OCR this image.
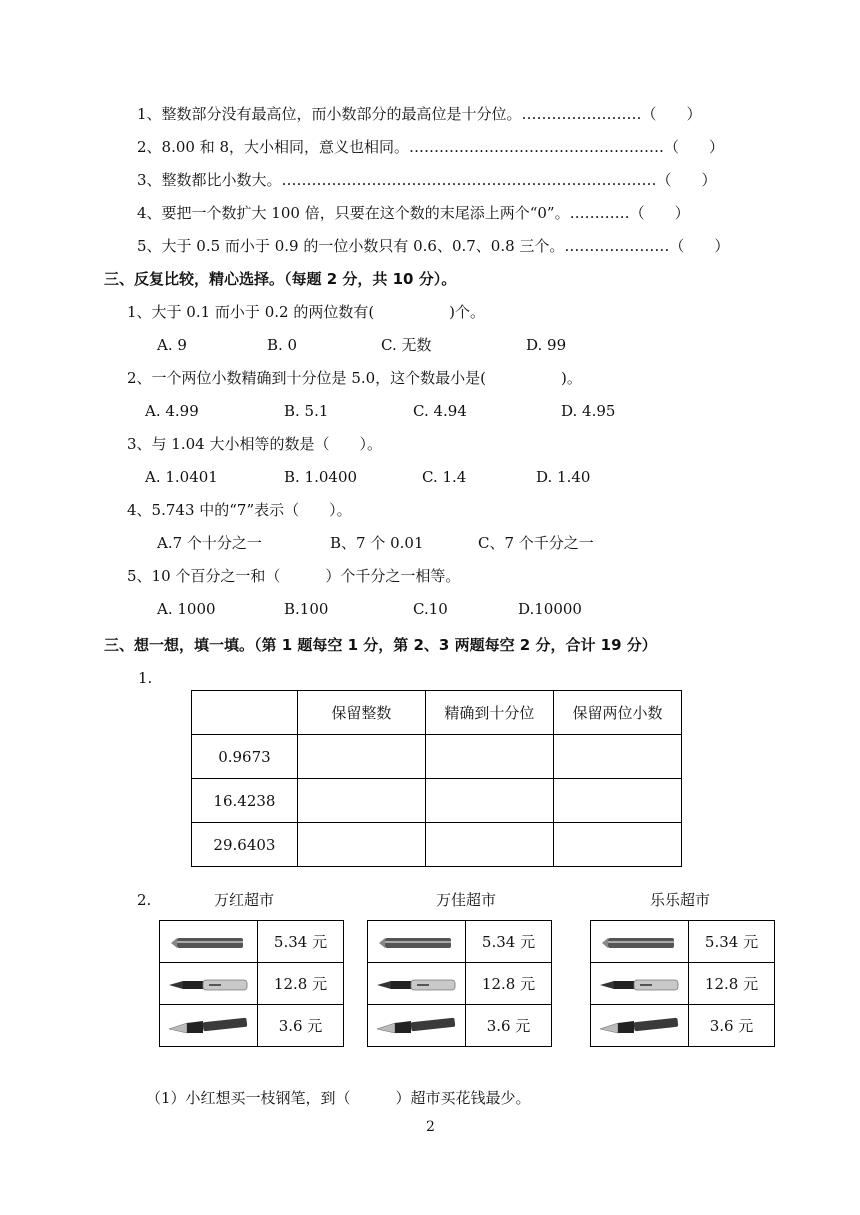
1、整数部分没有最高位，而小数部分的最高位是十分位。……………………（　　）
2、8.00 和 8，大小相同，意义也相同。……………………………………………（　　）
3、整数都比小数大。…………………………………………………………………（　　）
4、要把一个数扩大 100 倍，只要在这个数的末尾添上两个“0”。…………（　　）
5、大于 0.5 而小于 0.9 的一位小数只有 0.6、0.7、0.8 三个。…………………（　　）
三、反复比较，精心选择。（每题 2 分，共 10 分）。
1、大于 0.1 而小于 0.2 的两位数有(　　　　　)个。
A. 9	B. 0	C. 无数	D. 99
2、一个两位小数精确到十分位是 5.0，这个数最小是(　　　　　)。
A. 4.99	B. 5.1	C. 4.94	D. 4.95
3、与 1.04 大小相等的数是（　　）。
A. 1.0401	B. 1.0400	C. 1.4	D. 1.40
4、5.743 中的“7”表示（　　）。
A.7 个十分之一	B、7 个 0.01	C、7 个千分之一
5、10 个百分之一和（　　　）个千分之一相等。
A. 1000	B.100	C.10	D.10000
三、想一想，填一填。（第 1 题每空 1 分，第 2、3 两题每空 2 分，合计 19 分）
1.
	保留整数	精确到十分位	保留两位小数
0.9673			
16.4238			
29.6403			
2.	万红超市	万佳超市	乐乐超市
	5.34 元
	12.8 元
	3.6 元
	5.34 元
	12.8 元
	3.6 元
	5.34 元
	12.8 元
	3.6 元
（1）小红想买一枝钢笔，到（　　　）超市买花钱最少。
2
